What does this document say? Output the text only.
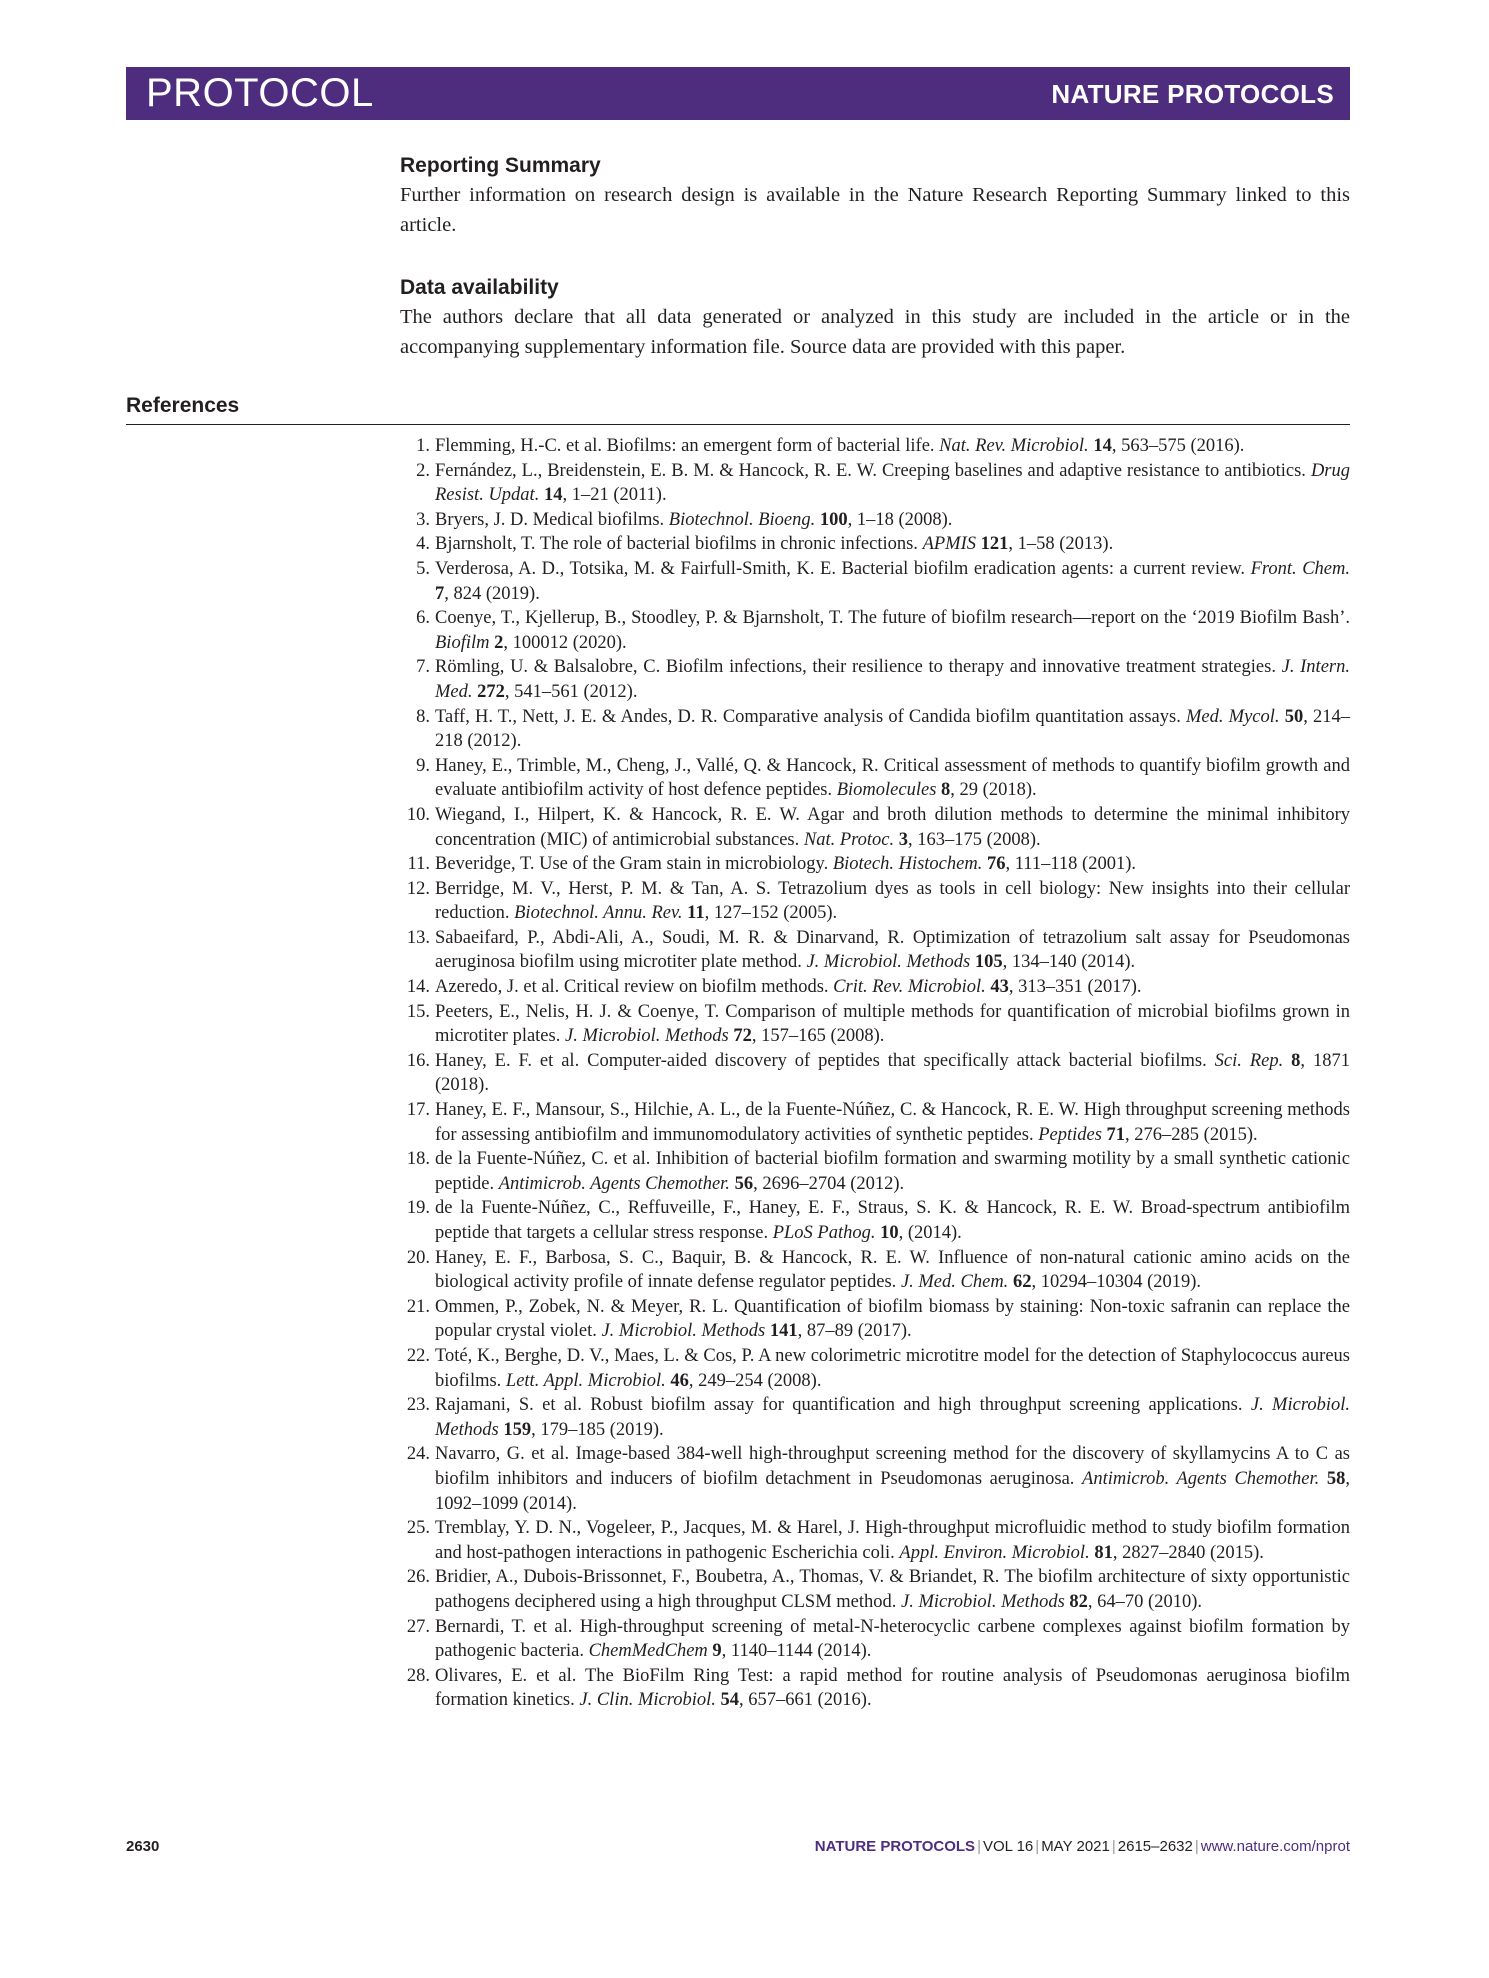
PROTOCOL	NATURE PROTOCOLS
Reporting Summary
Further information on research design is available in the Nature Research Reporting Summary linked to this article.
Data availability
The authors declare that all data generated or analyzed in this study are included in the article or in the accompanying supplementary information file. Source data are provided with this paper.
References
1. Flemming, H.-C. et al. Biofilms: an emergent form of bacterial life. Nat. Rev. Microbiol. 14, 563–575 (2016).
2. Fernández, L., Breidenstein, E. B. M. & Hancock, R. E. W. Creeping baselines and adaptive resistance to antibiotics. Drug Resist. Updat. 14, 1–21 (2011).
3. Bryers, J. D. Medical biofilms. Biotechnol. Bioeng. 100, 1–18 (2008).
4. Bjarnsholt, T. The role of bacterial biofilms in chronic infections. APMIS 121, 1–58 (2013).
5. Verderosa, A. D., Totsika, M. & Fairfull-Smith, K. E. Bacterial biofilm eradication agents: a current review. Front. Chem. 7, 824 (2019).
6. Coenye, T., Kjellerup, B., Stoodley, P. & Bjarnsholt, T. The future of biofilm research—report on the ‘2019 Biofilm Bash’. Biofilm 2, 100012 (2020).
7. Römling, U. & Balsalobre, C. Biofilm infections, their resilience to therapy and innovative treatment strategies. J. Intern. Med. 272, 541–561 (2012).
8. Taff, H. T., Nett, J. E. & Andes, D. R. Comparative analysis of Candida biofilm quantitation assays. Med. Mycol. 50, 214–218 (2012).
9. Haney, E., Trimble, M., Cheng, J., Vallé, Q. & Hancock, R. Critical assessment of methods to quantify biofilm growth and evaluate antibiofilm activity of host defence peptides. Biomolecules 8, 29 (2018).
10. Wiegand, I., Hilpert, K. & Hancock, R. E. W. Agar and broth dilution methods to determine the minimal inhibitory concentration (MIC) of antimicrobial substances. Nat. Protoc. 3, 163–175 (2008).
11. Beveridge, T. Use of the Gram stain in microbiology. Biotech. Histochem. 76, 111–118 (2001).
12. Berridge, M. V., Herst, P. M. & Tan, A. S. Tetrazolium dyes as tools in cell biology: New insights into their cellular reduction. Biotechnol. Annu. Rev. 11, 127–152 (2005).
13. Sabaeifard, P., Abdi-Ali, A., Soudi, M. R. & Dinarvand, R. Optimization of tetrazolium salt assay for Pseudomonas aeruginosa biofilm using microtiter plate method. J. Microbiol. Methods 105, 134–140 (2014).
14. Azeredo, J. et al. Critical review on biofilm methods. Crit. Rev. Microbiol. 43, 313–351 (2017).
15. Peeters, E., Nelis, H. J. & Coenye, T. Comparison of multiple methods for quantification of microbial biofilms grown in microtiter plates. J. Microbiol. Methods 72, 157–165 (2008).
16. Haney, E. F. et al. Computer-aided discovery of peptides that specifically attack bacterial biofilms. Sci. Rep. 8, 1871 (2018).
17. Haney, E. F., Mansour, S., Hilchie, A. L., de la Fuente-Núñez, C. & Hancock, R. E. W. High throughput screening methods for assessing antibiofilm and immunomodulatory activities of synthetic peptides. Peptides 71, 276–285 (2015).
18. de la Fuente-Núñez, C. et al. Inhibition of bacterial biofilm formation and swarming motility by a small synthetic cationic peptide. Antimicrob. Agents Chemother. 56, 2696–2704 (2012).
19. de la Fuente-Núñez, C., Reffuveille, F., Haney, E. F., Straus, S. K. & Hancock, R. E. W. Broad-spectrum antibiofilm peptide that targets a cellular stress response. PLoS Pathog. 10, (2014).
20. Haney, E. F., Barbosa, S. C., Baquir, B. & Hancock, R. E. W. Influence of non-natural cationic amino acids on the biological activity profile of innate defense regulator peptides. J. Med. Chem. 62, 10294–10304 (2019).
21. Ommen, P., Zobek, N. & Meyer, R. L. Quantification of biofilm biomass by staining: Non-toxic safranin can replace the popular crystal violet. J. Microbiol. Methods 141, 87–89 (2017).
22. Toté, K., Berghe, D. V., Maes, L. & Cos, P. A new colorimetric microtitre model for the detection of Staphylococcus aureus biofilms. Lett. Appl. Microbiol. 46, 249–254 (2008).
23. Rajamani, S. et al. Robust biofilm assay for quantification and high throughput screening applications. J. Microbiol. Methods 159, 179–185 (2019).
24. Navarro, G. et al. Image-based 384-well high-throughput screening method for the discovery of skyllamycins A to C as biofilm inhibitors and inducers of biofilm detachment in Pseudomonas aeruginosa. Antimicrob. Agents Chemother. 58, 1092–1099 (2014).
25. Tremblay, Y. D. N., Vogeleer, P., Jacques, M. & Harel, J. High-throughput microfluidic method to study biofilm formation and host-pathogen interactions in pathogenic Escherichia coli. Appl. Environ. Microbiol. 81, 2827–2840 (2015).
26. Bridier, A., Dubois-Brissonnet, F., Boubetra, A., Thomas, V. & Briandet, R. The biofilm architecture of sixty opportunistic pathogens deciphered using a high throughput CLSM method. J. Microbiol. Methods 82, 64–70 (2010).
27. Bernardi, T. et al. High-throughput screening of metal-N-heterocyclic carbene complexes against biofilm formation by pathogenic bacteria. ChemMedChem 9, 1140–1144 (2014).
28. Olivares, E. et al. The BioFilm Ring Test: a rapid method for routine analysis of Pseudomonas aeruginosa biofilm formation kinetics. J. Clin. Microbiol. 54, 657–661 (2016).
2630	NATURE PROTOCOLS | VOL 16 | MAY 2021 | 2615–2632 | www.nature.com/nprot
